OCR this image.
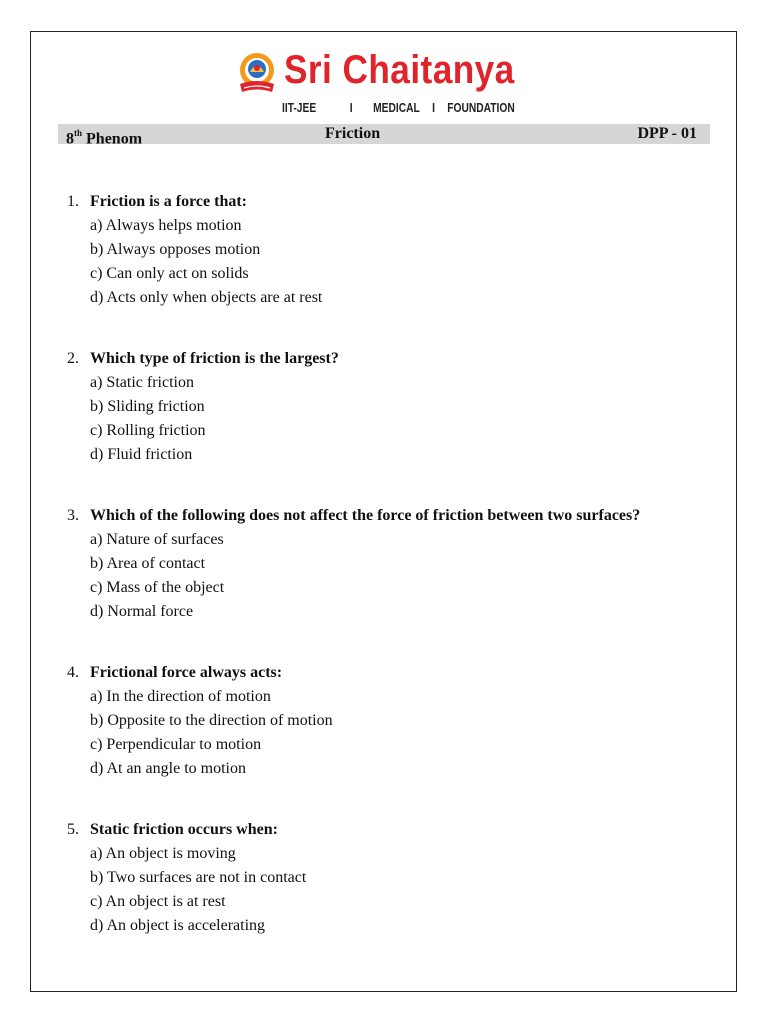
Sri Chaitanya
IIT-JEE	I MEDICAL I FOUNDATION
8th Phenom	Friction	DPP - 01
1. Friction is a force that:
a) Always helps motion
b) Always opposes motion
c) Can only act on solids
d) Acts only when objects are at rest
2. Which type of friction is the largest?
a) Static friction
b) Sliding friction
c) Rolling friction
d) Fluid friction
3. Which of the following does not affect the force of friction between two surfaces?
a) Nature of surfaces
b) Area of contact
c) Mass of the object
d) Normal force
4. Frictional force always acts:
a) In the direction of motion
b) Opposite to the direction of motion
c) Perpendicular to motion
d) At an angle to motion
5. Static friction occurs when:
a) An object is moving
b) Two surfaces are not in contact
c) An object is at rest
d) An object is accelerating
